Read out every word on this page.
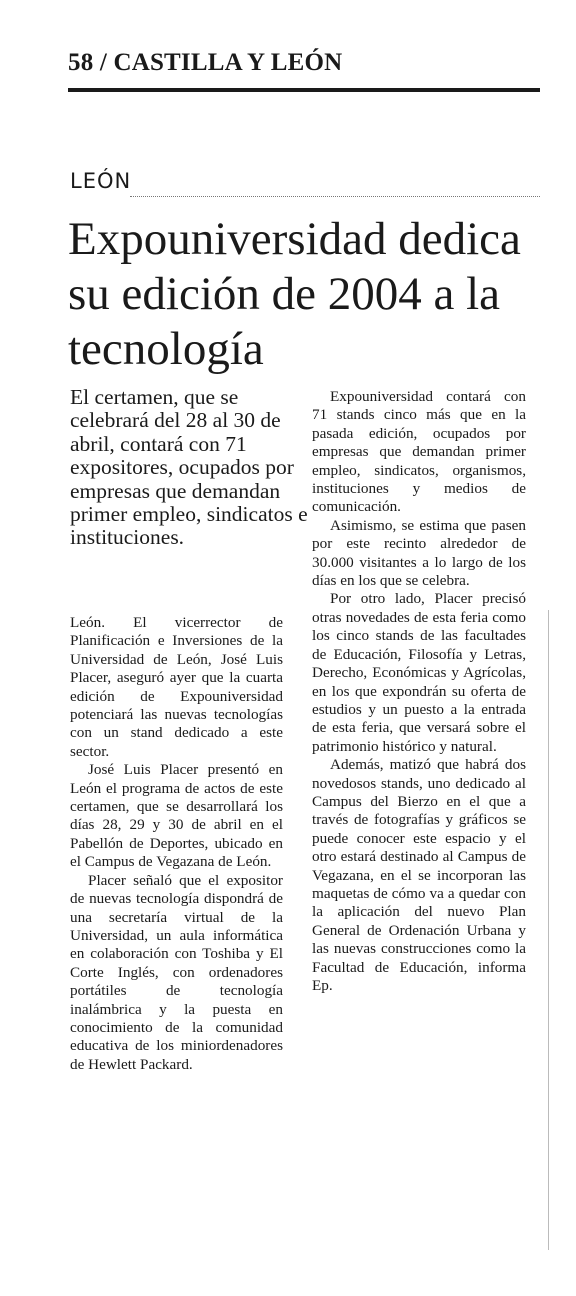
58 / CASTILLA Y LEÓN
LEÓN
Expouniversidad dedica su edición de 2004 a la tecnología
El certamen, que se celebrará del 28 al 30 de abril, contará con 71 expositores, ocupados por empresas que demandan primer empleo, sindicatos e instituciones.

León. El vicerrector de Planificación e Inversiones de la Universidad de León, José Luis Placer, aseguró ayer que la cuarta edición de Expouniversidad potenciará las nuevas tecnologías con un stand dedicado a este sector.

José Luis Placer presentó en León el programa de actos de este certamen, que se desarrollará los días 28, 29 y 30 de abril en el Pabellón de Deportes, ubicado en el Campus de Vegazana de León.

Placer señaló que el expositor de nuevas tecnología dispondrá de una secretaría virtual de la Universidad, un aula informática en colaboración con Toshiba y El Corte Inglés, con ordenadores portátiles de tecnología inalámbrica y la puesta en conocimiento de la comunidad educativa de los miniordenadores de Hewlett Packard.

Expouniversidad contará con 71 stands cinco más que en la pasada edición, ocupados por empresas que demandan primer empleo, sindicatos, organismos, instituciones y medios de comunicación.

Asimismo, se estima que pasen por este recinto alrededor de 30.000 visitantes a lo largo de los días en los que se celebra.

Por otro lado, Placer precisó otras novedades de esta feria como los cinco stands de las facultades de Educación, Filosofía y Letras, Derecho, Económicas y Agrícolas, en los que expondrán su oferta de estudios y un puesto a la entrada de esta feria, que versará sobre el patrimonio histórico y natural.

Además, matizó que habrá dos novedosos stands, uno dedicado al Campus del Bierzo en el que a través de fotografías y gráficos se puede conocer este espacio y el otro estará destinado al Campus de Vegazana, en el se incorporan las maquetas de cómo va a quedar con la aplicación del nuevo Plan General de Ordenación Urbana y las nuevas construcciones como la Facultad de Educación, informa Ep.
